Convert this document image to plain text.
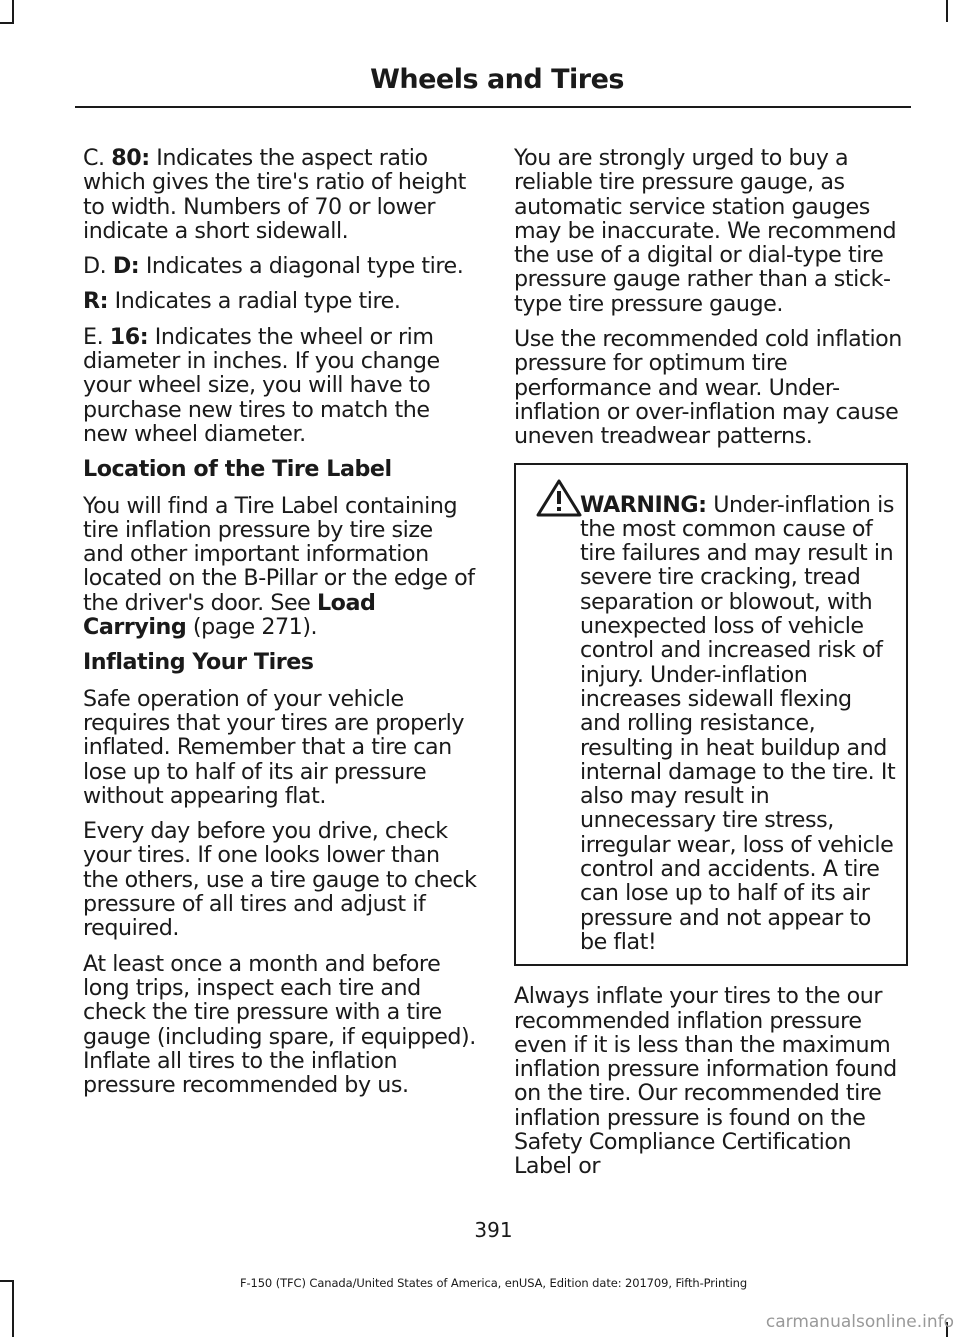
Wheels and Tires

C. 80: Indicates the aspect ratio which gives the tire's ratio of height to width. Numbers of 70 or lower indicate a short sidewall.

D. D: Indicates a diagonal type tire.

R: Indicates a radial type tire.

E. 16: Indicates the wheel or rim diameter in inches. If you change your wheel size, you will have to purchase new tires to match the new wheel diameter.

Location of the Tire Label

You will find a Tire Label containing tire inflation pressure by tire size and other important information located on the B-Pillar or the edge of the driver's door. See Load Carrying (page 271).

Inflating Your Tires

Safe operation of your vehicle requires that your tires are properly inflated. Remember that a tire can lose up to half of its air pressure without appearing flat.

Every day before you drive, check your tires. If one looks lower than the others, use a tire gauge to check pressure of all tires and adjust if required.

At least once a month and before long trips, inspect each tire and check the tire pressure with a tire gauge (including spare, if equipped). Inflate all tires to the inflation pressure recommended by us.

You are strongly urged to buy a reliable tire pressure gauge, as automatic service station gauges may be inaccurate. We recommend the use of a digital or dial-type tire pressure gauge rather than a stick-type tire pressure gauge.

Use the recommended cold inflation pressure for optimum tire performance and wear. Under-inflation or over-inflation may cause uneven treadwear patterns.

WARNING: Under-inflation is the most common cause of tire failures and may result in severe tire cracking, tread separation or blowout, with unexpected loss of vehicle control and increased risk of injury. Under-inflation increases sidewall flexing and rolling resistance, resulting in heat buildup and internal damage to the tire. It also may result in unnecessary tire stress, irregular wear, loss of vehicle control and accidents. A tire can lose up to half of its air pressure and not appear to be flat!

Always inflate your tires to the our recommended inflation pressure even if it is less than the maximum inflation pressure information found on the tire. Our recommended tire inflation pressure is found on the Safety Compliance Certification Label or

391
F-150 (TFC) Canada/United States of America, enUSA, Edition date: 201709, Fifth-Printing
carmanualsonline.info
